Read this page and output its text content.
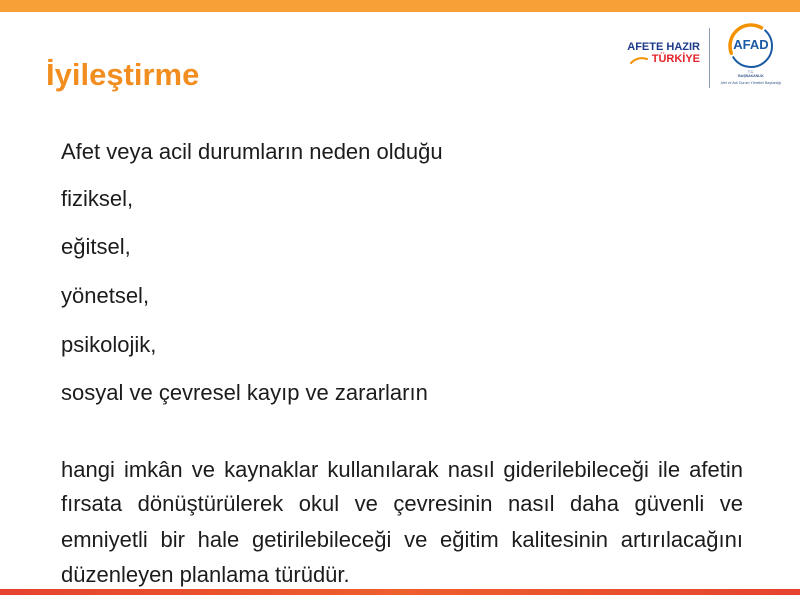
İyileştirme
AFETE HAZIR
TÜRKİYE
AFAD
T.C.
BAŞBAKANLIK
Afet ve Acil Durum Yönetimi Başkanlığı
Afet veya acil durumların neden olduğu
fiziksel,
eğitsel,
yönetsel,
psikolojik,
sosyal ve çevresel kayıp ve zararların
hangi imkân ve kaynaklar kullanılarak nasıl giderilebileceği ile afetin
fırsata dönüştürülerek okul ve çevresinin nasıl daha güvenli ve
emniyetli bir hale getirilebileceği ve eğitim kalitesinin artırılacağını
düzenleyen planlama türüdür.
